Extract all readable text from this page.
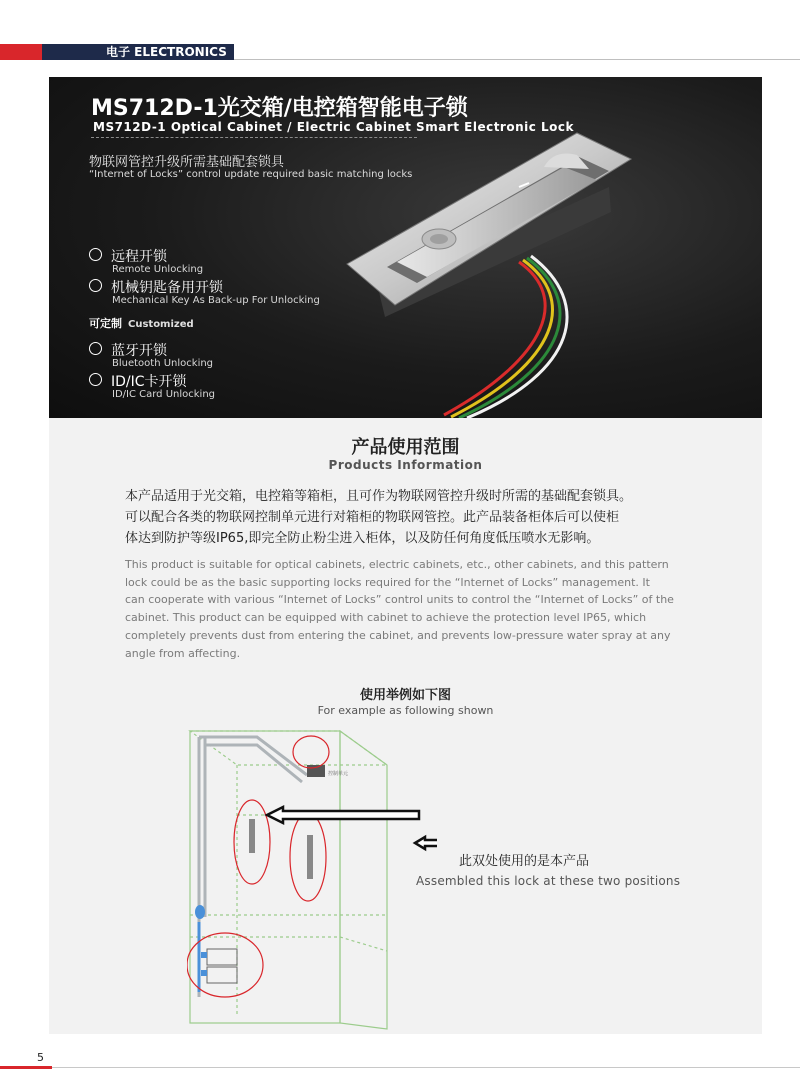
电子 ELECTRONICS
MS712D-1光交箱/电控箱智能电子锁
MS712D-1 Optical Cabinet / Electric Cabinet Smart Electronic Lock
物联网管控升级所需基础配套锁具
“Internet of Locks” control update required basic matching locks
远程开锁
Remote Unlocking
机械钥匙备用开锁
Mechanical Key As Back-up For Unlocking
可定制 Customized
蓝牙开锁
Bluetooth Unlocking
ID/IC卡开锁
ID/IC Card Unlocking
产品使用范围
Products Information
本产品适用于光交箱，电控箱等箱柜，且可作为物联网管控升级时所需的基础配套锁具。
可以配合各类的物联网控制单元进行对箱柜的物联网管控。此产品装备柜体后可以使柜
体达到防护等级IP65,即完全防止粉尘进入柜体，以及防任何角度低压喷水无影响。
This product is suitable for optical cabinets, electric cabinets, etc., other cabinets, and this pattern
lock could be as the basic supporting locks required for the “Internet of Locks” management. It
can cooperate with various “Internet of Locks” control units to control the “Internet of Locks” of the
cabinet. This product can be equipped with cabinet to achieve the protection level IP65, which
completely prevents dust from entering the cabinet, and prevents low-pressure water spray at any
angle from affecting.
使用举例如下图
For example as following shown
控制单元
此双处使用的是本产品
Assembled this lock at these two positions
5
